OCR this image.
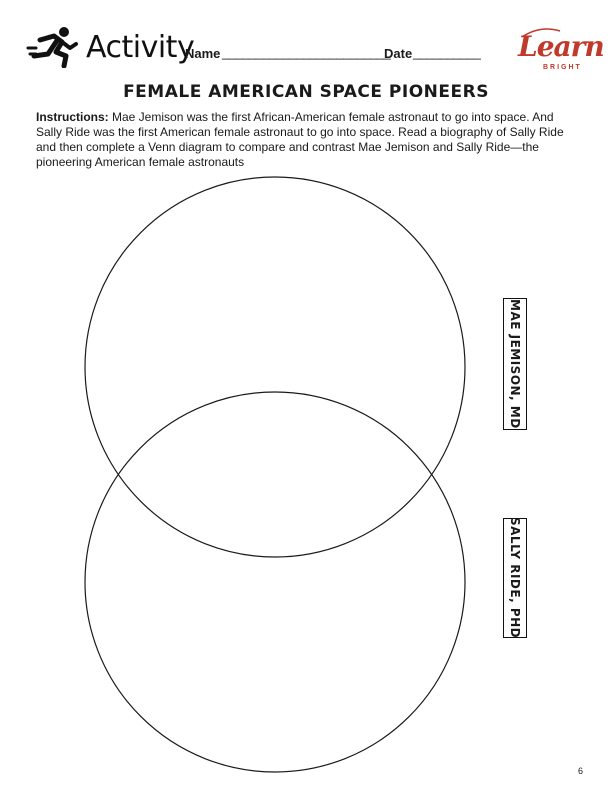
Activity
Name _________________________
Date __________ Learn
BRIGHT
FEMALE AMERICAN SPACE PIONEERS
Instructions: Mae Jemison was the first African-American female astronaut to go into space. And Sally Ride was the first American female astronaut to go into space. Read a biography of Sally Ride and then complete a Venn diagram to compare and contrast Mae Jemison and Sally Ride—the pioneering American female astronauts
MAE JEMISON, MD
SALLY RIDE, PHD
6
